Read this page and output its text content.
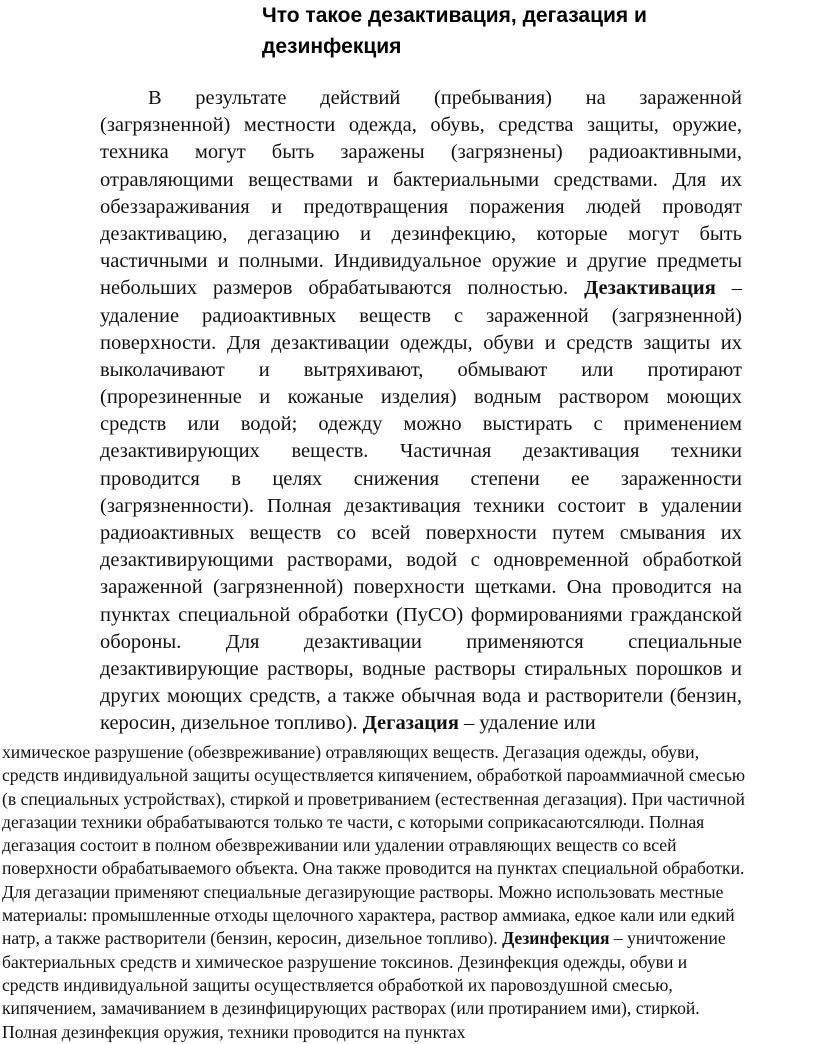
Что такое дезактивация, дегазация и
дезинфекция
В результате действий (пребывания) на зараженной
(загрязненной) местности одежда, обувь, средства защиты, оружие,
техника могут быть заражены (загрязнены) радиоактивными,
отравляющими веществами и бактериальными средствами. Для их
обеззараживания и предотвращения поражения людей проводят
дезактивацию, дегазацию и дезинфекцию, которые могут быть
частичными и полными. Индивидуальное оружие и другие предметы
небольших размеров обрабатываются полностью. Дезактивация –
удаление радиоактивных веществ с зараженной (загрязненной)
поверхности. Для дезактивации одежды, обуви и средств защиты их
выколачивают и вытряхивают, обмывают или протирают
(прорезиненные и кожаные изделия) водным раствором моющих
средств или водой; одежду можно выстирать с применением
дезактивирующих веществ. Частичная дезактивация техники
проводится в целях снижения степени ее зараженности
(загрязненности). Полная дезактивация техники состоит в удалении
радиоактивных веществ со всей поверхности путем смывания их
дезактивирующими растворами, водой с одновременной обработкой
зараженной (загрязненной) поверхности щетками. Она проводится на
пунктах специальной обработки (ПуСО) формированиями гражданской
обороны. Для дезактивации применяются специальные
дезактивирующие растворы, водные растворы стиральных порошков и
других моющих средств, а также обычная вода и растворители (бензин,
керосин, дизельное топливо). Дегазация – удаление или
химическое разрушение (обезвреживание) отравляющих веществ. Дегазация одежды, обуви,
средств индивидуальной защиты осуществляется кипячением, обработкой пароаммиачной смесью
(в специальных устройствах), стиркой и проветриванием (естественная дегазация). При частичной
дегазации техники обрабатываются только те части, с которыми соприкасаютсялюди. Полная
дегазация состоит в полном обезвреживании или удалении отравляющих веществ со всей
поверхности обрабатываемого объекта. Она также проводится на пунктах специальной обработки.
Для дегазации применяют специальные дегазирующие растворы. Можно использовать местные
материалы: промышленные отходы щелочного характера, раствор аммиака, едкое кали или едкий
натр, а также растворители (бензин, керосин, дизельное топливо). Дезинфекция – уничтожение
бактериальных средств и химическое разрушение токсинов. Дезинфекция одежды, обуви и
средств индивидуальной защиты осуществляется обработкой их паровоздушной смесью,
кипячением, замачиванием в дезинфицирующих растворах (или протиранием ими), стиркой.
Полная дезинфекция оружия, техники проводится на пунктах
